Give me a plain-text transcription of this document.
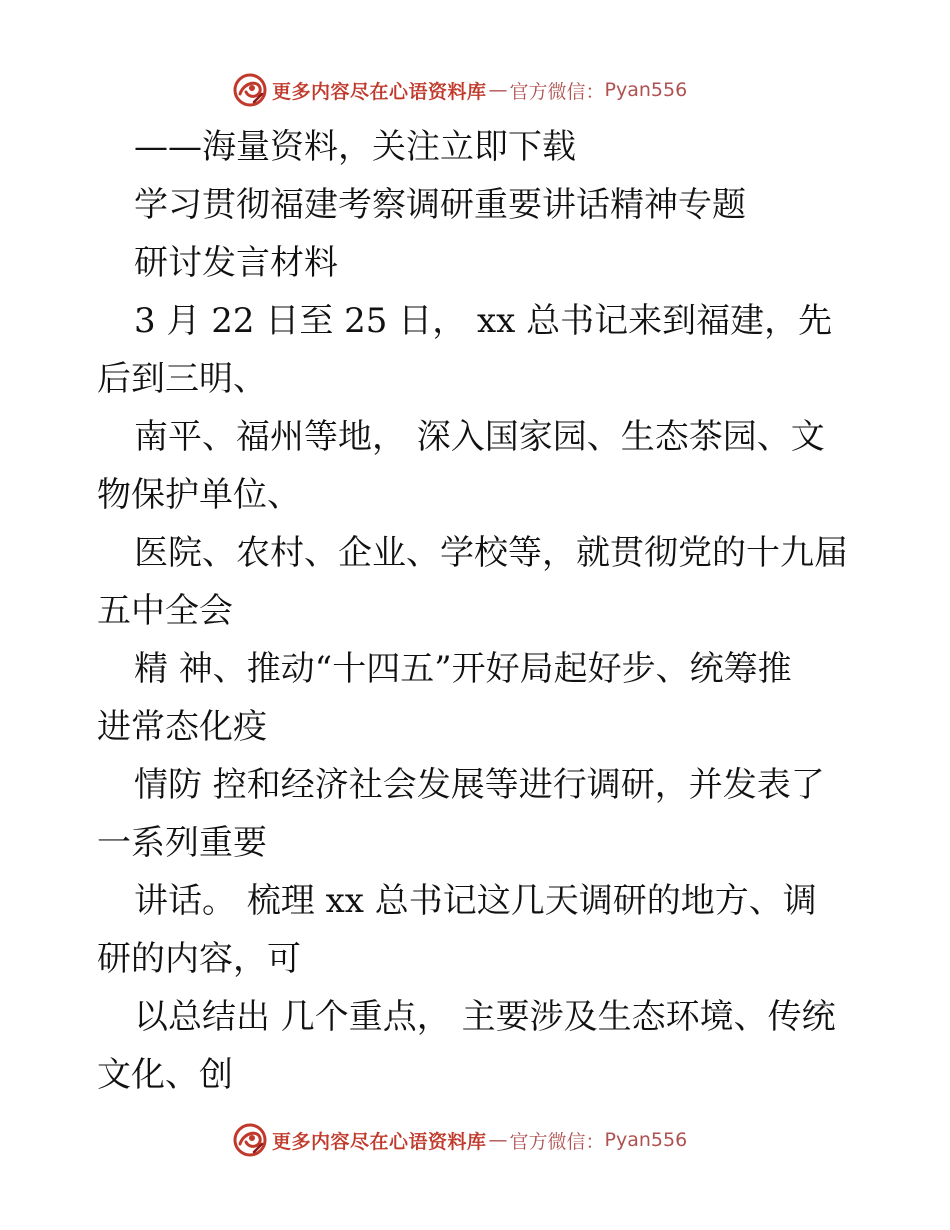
更多内容尽在心语资料库 — 官方微信： Pyan556
——海量资料，关注立即下载
学习贯彻福建考察调研重要讲话精神专题
研讨发言材料
3 月 22 日至 25 日， xx 总书记来到福建，先
后到三明、
南平、福州等地， 深入国家园、生态茶园、文
物保护单位、
医院、农村、企业、学校等，就贯彻党的十九届
五中全会
精 神、推动“十四五”开好局起好步、统筹推
进常态化疫
情防 控和经济社会发展等进行调研，并发表了
一系列重要
讲话。 梳理 xx 总书记这几天调研的地方、调
研的内容，可
以总结出 几个重点， 主要涉及生态环境、传统
文化、创
更多内容尽在心语资料库 — 官方微信： Pyan556
